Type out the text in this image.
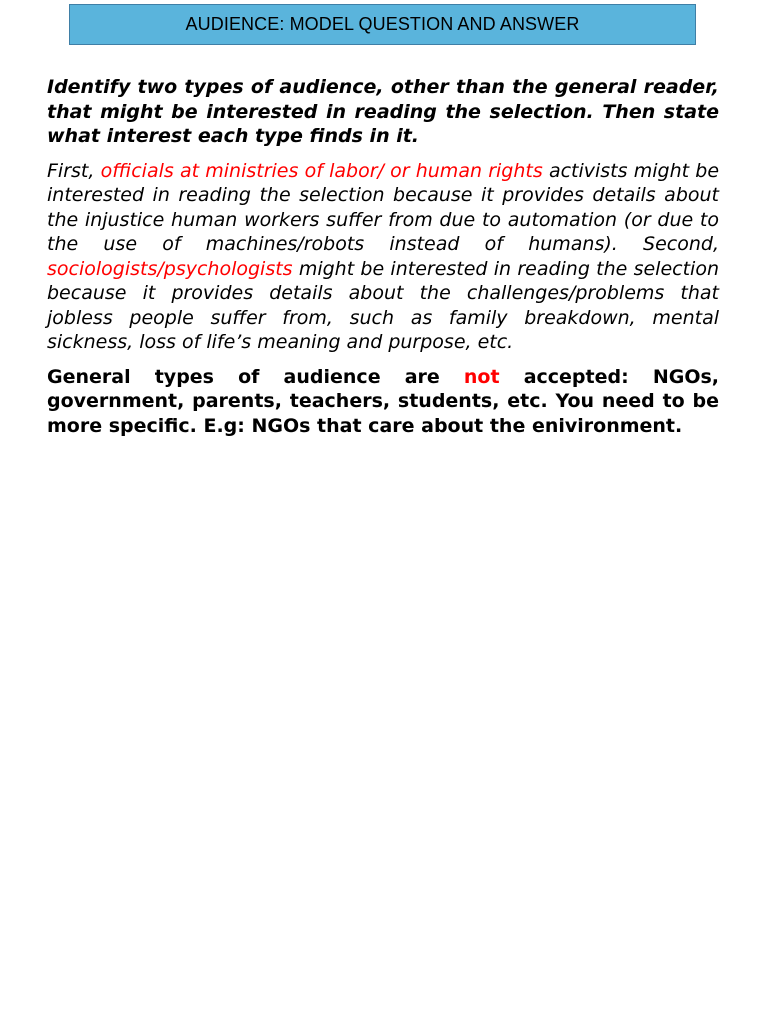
AUDIENCE: MODEL QUESTION AND ANSWER

Identify two types of audience, other than the general reader, that might be interested in reading the selection. Then state what interest each type finds in it.

First, officials at ministries of labor/ or human rights activists might be interested in reading the selection because it provides details about the injustice human workers suffer from due to automation (or due to the use of machines/robots instead of humans). Second, sociologists/psychologists might be interested in reading the selection because it provides details about the challenges/problems that jobless people suffer from, such as family breakdown, mental sickness, loss of life’s meaning and purpose, etc.

General types of audience are not accepted: NGOs, government, parents, teachers, students, etc. You need to be more specific. E.g: NGOs that care about the enivironment.
